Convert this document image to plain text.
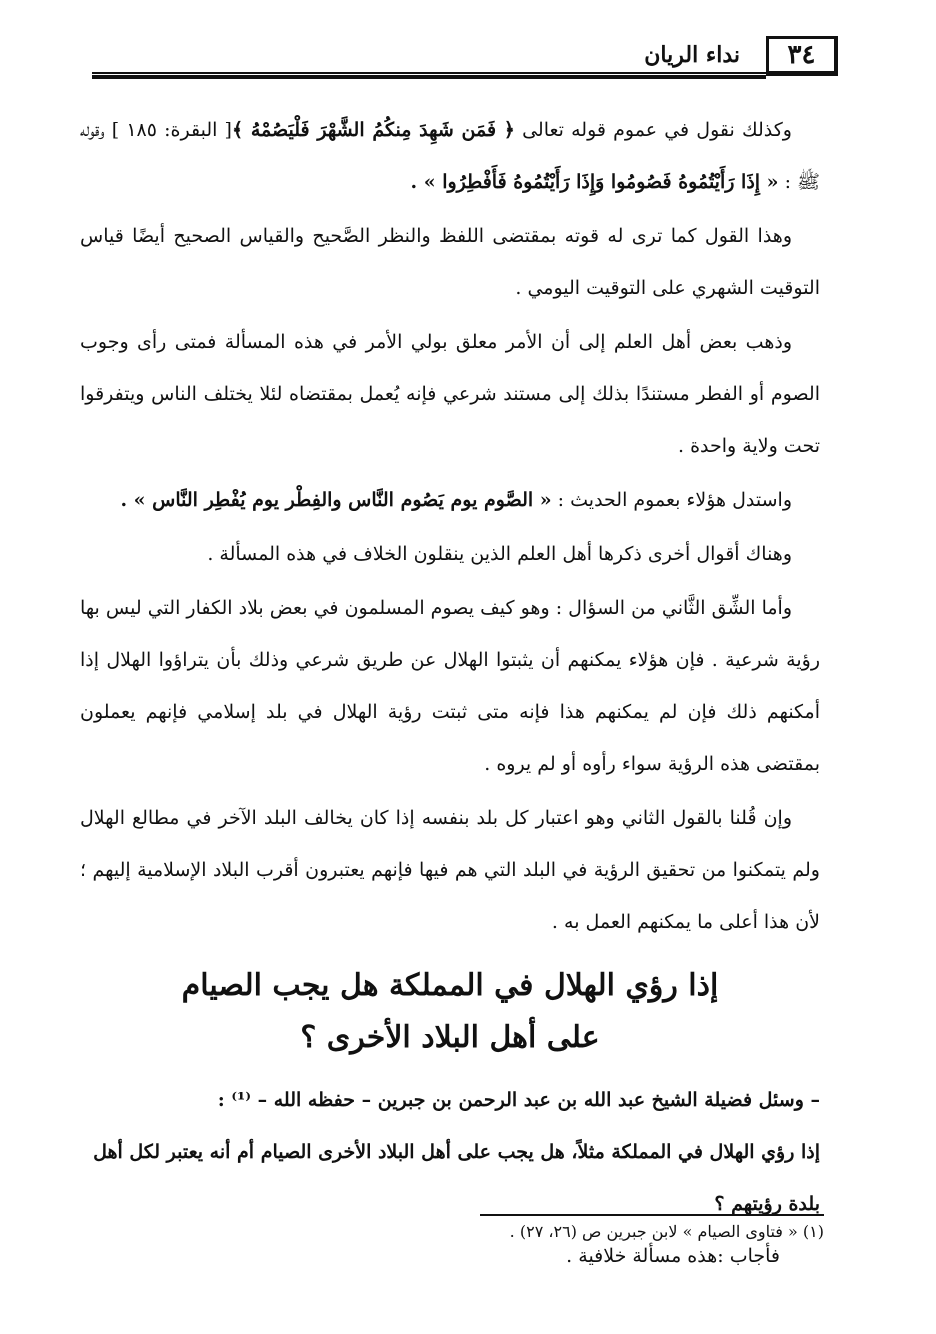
٣٤
نداء الريان

وكذلك نقول في عموم قوله تعالى ﴿ فَمَن شَهِدَ مِنكُمُ الشَّهْرَ فَلْيَصُمْهُ ﴾[ البقرة: ١٨٥ ] وقوله ﷺ : « إِذَا رَأَيْتُمُوهُ فَصُومُوا وَإِذَا رَأَيْتُمُوهُ فَأَفْطِرُوا » .

وهذا القول كما ترى له قوته بمقتضى اللفظ والنظر الصَّحيح والقياس الصحيح أيضًا قياس التوقيت الشهري على التوقيت اليومي .

وذهب بعض أهل العلم إلى أن الأمر معلق بولي الأمر في هذه المسألة فمتى رأى وجوب الصوم أو الفطر مستندًا بذلك إلى مستند شرعي فإنه يُعمل بمقتضاه لئلا يختلف الناس ويتفرقوا تحت ولاية واحدة .

واستدل هؤلاء بعموم الحديث : « الصَّوم يوم يَصُوم النَّاس والفِطْر يوم يُفْطِر النَّاس » .

وهناك أقوال أخرى ذكرها أهل العلم الذين ينقلون الخلاف في هذه المسألة .

وأما الشِّق الثَّاني من السؤال : وهو كيف يصوم المسلمون في بعض بلاد الكفار التي ليس بها رؤية شرعية . فإن هؤلاء يمكنهم أن يثبتوا الهلال عن طريق شرعي وذلك بأن يتراؤوا الهلال إذا أمكنهم ذلك فإن لم يمكنهم هذا فإنه متى ثبتت رؤية الهلال في بلد إسلامي فإنهم يعملون بمقتضى هذه الرؤية سواء رأوه أو لم يروه .

وإن قُلنا بالقول الثاني وهو اعتبار كل بلد بنفسه إذا كان يخالف البلد الآخر في مطالع الهلال ولم يتمكنوا من تحقيق الرؤية في البلد التي هم فيها فإنهم يعتبرون أقرب البلاد الإسلامية إليهم ؛ لأن هذا أعلى ما يمكنهم العمل به .

إذا رؤي الهلال في المملكة هل يجب الصيام
على أهل البلاد الأخرى ؟

– وسئل فضيلة الشيخ عبد الله بن عبد الرحمن بن جبرين – حفظه الله – ⁽¹⁾ :

إذا رؤي الهلال في المملكة مثلاً، هل يجب على أهل البلاد الأخرى الصيام أم أنه يعتبر لكل أهل بلدة رؤيتهم ؟

فأجاب :هذه مسألة خلافية .

(١) « فتاوى الصيام » لابن جبرين ص (٢٦، ٢٧) .
